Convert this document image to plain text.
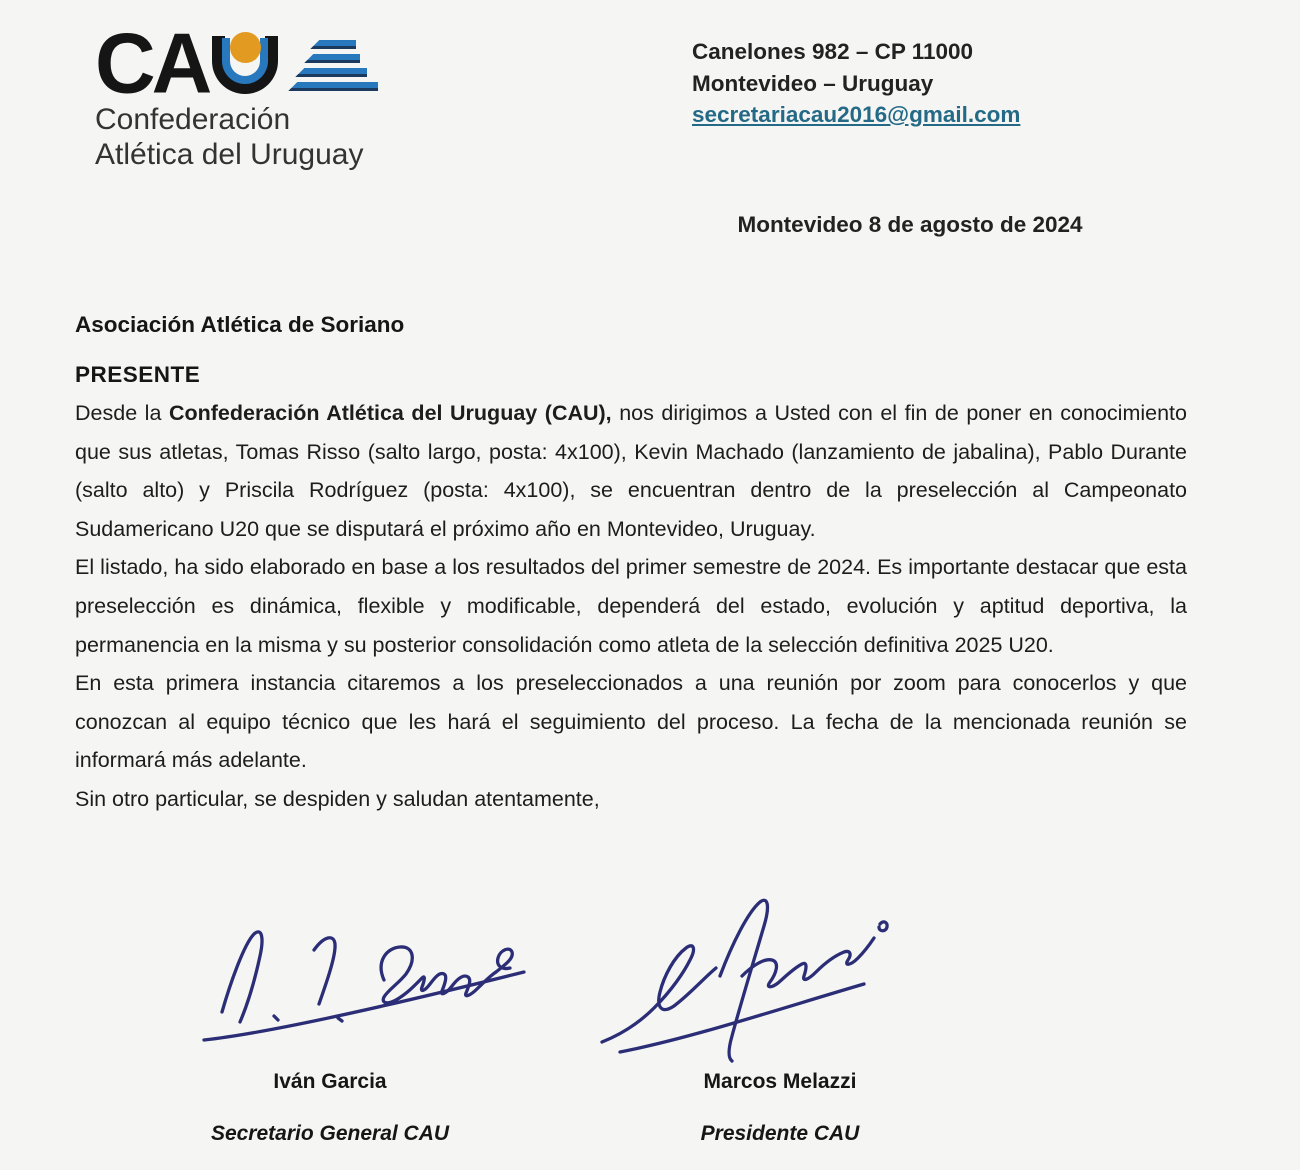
CA
Confederación
Atlética del Uruguay
Canelones 982 – CP 11000
Montevideo – Uruguay
secretariacau2016@gmail.com
Montevideo 8 de agosto de 2024
Asociación Atlética de Soriano
PRESENTE

Desde la Confederación Atlética del Uruguay (CAU), nos dirigimos a Usted con el fin de poner en conocimiento que sus atletas, Tomas Risso (salto largo, posta: 4x100), Kevin Machado (lanzamiento de jabalina), Pablo Durante (salto alto) y Priscila Rodríguez (posta: 4x100), se encuentran dentro de la preselección al Campeonato Sudamericano U20 que se disputará el próximo año en Montevideo, Uruguay.

El listado, ha sido elaborado en base a los resultados del primer semestre de 2024. Es importante destacar que esta preselección es dinámica, flexible y modificable, dependerá del estado, evolución y aptitud deportiva, la permanencia en la misma y su posterior consolidación como atleta de la selección definitiva 2025 U20.

En esta primera instancia citaremos a los preseleccionados a una reunión por zoom para conocerlos y que conozcan al equipo técnico que les hará el seguimiento del proceso. La fecha de la mencionada reunión se informará más adelante.

Sin otro particular, se despiden y saludan atentamente,

Iván Garcia	Marcos Melazzi
Secretario General CAU	Presidente CAU
